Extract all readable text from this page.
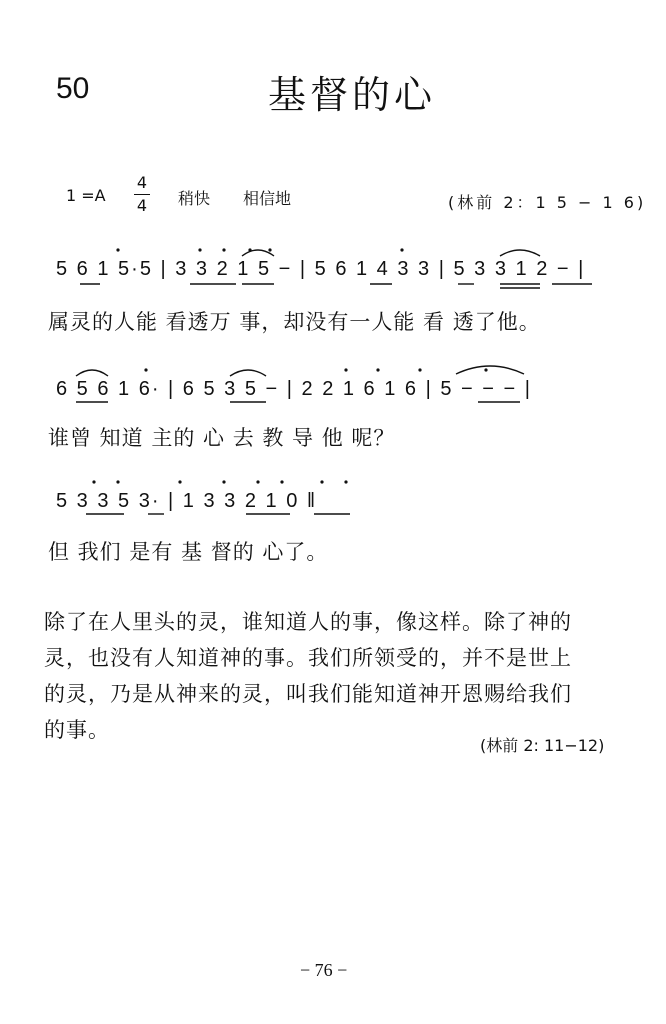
50	基督的心
1 =A
4
4 稍快 相信地	(林前 2：1 5 − 1 6)
5 6 1 5·5 | 3 3 2 1 5 − | 5 6 1 4 3 3 | 5 3 3 1 2 − |
属灵的人能 看透万 事，却没有一人能 看 透了他。
6 5 6 1 6· | 6 5 3 5 − | 2 2 1 6 1 6 | 5 − − − |
谁曾 知道 主的 心 去 教 导 他 呢？
5 3 3 5 3· | 1 3 3 2 1 0 ‖
但 我们 是有 基 督的 心了。
除了在人里头的灵，谁知道人的事，像这样。除了神的
灵，也没有人知道神的事。我们所领受的，并不是世上
的灵，乃是从神来的灵，叫我们能知道神开恩赐给我们
的事。
(林前 2: 11−12)
− 76 −
